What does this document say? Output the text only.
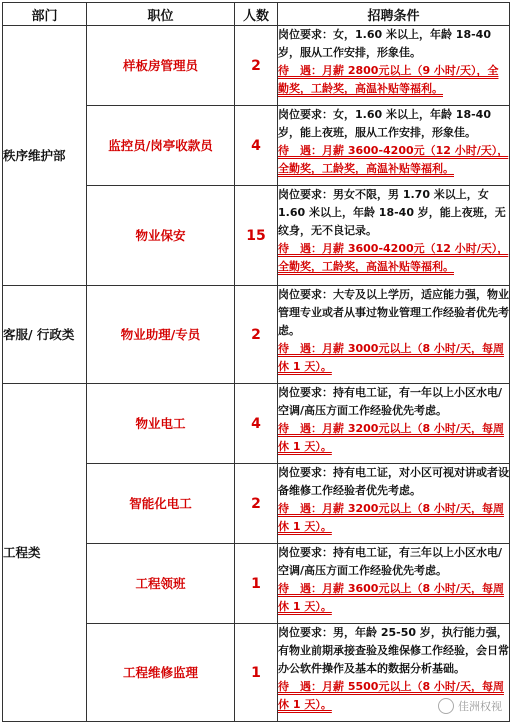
部门	职位	人数	招聘条件
秩序维护部	样板房管理员	2	岗位要求：女，1.60 米以上，年龄 18-40 岁，服从工作安排，形象佳。
待　遇：月薪 2800元以上（9 小时/天），全勤奖，工龄奖，高温补贴等福利。
	监控员/岗亭收款员	4	岗位要求：女，1.60 米以上，年龄 18-40 岁，能上夜班，服从工作安排，形象佳。
待　遇：月薪 3600-4200元（12 小时/天），全勤奖，工龄奖，高温补贴等福利。
	物业保安	15	岗位要求：男女不限，男 1.70 米以上，女 1.60 米以上，年龄 18-40 岁，能上夜班，无纹身，无不良记录。
待　遇：月薪 3600-4200元（12 小时/天），全勤奖，工龄奖，高温补贴等福利。
客服/ 行政类	物业助理/专员	2	岗位要求：大专及以上学历，适应能力强，物业管理专业或者从事过物业管理工作经验者优先考虑。
待　遇：月薪 3000元以上（8 小时/天，每周休 1 天）。
工程类	物业电工	4	岗位要求：持有电工证，有一年以上小区水电/空调/高压方面工作经验优先考虑。
待　遇：月薪 3200元以上（8 小时/天，每周休 1 天）。
	智能化电工	2	岗位要求：持有电工证，对小区可视对讲或者设备维修工作经验者优先考虑。
待　遇：月薪 3200元以上（8 小时/天，每周休 1 天）。
	工程领班	1	岗位要求：持有电工证，有三年以上小区水电/空调/高压方面工作经验优先考虑。
待　遇：月薪 3600元以上（8 小时/天，每周休 1 天）。
	工程维修监理	1	岗位要求：男，年龄 25-50 岁，执行能力强，有物业前期承接查验及维保修工作经验，会日常办公软件操作及基本的数据分析基础。
待　遇：月薪 5500元以上（8 小时/天，每周休 1 天）。	佳洲权视
